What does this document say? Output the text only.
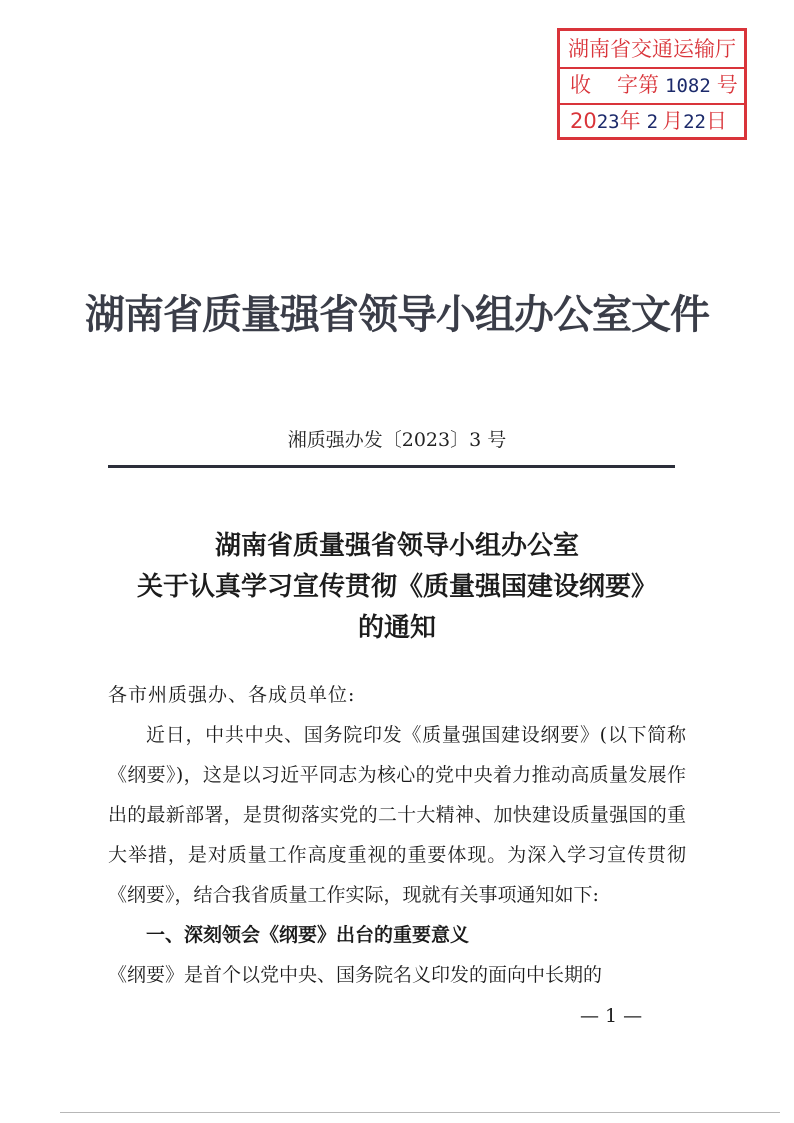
湖南省交通运输厅
收 字第 1082 号
2023年 2 月22日
湖南省质量强省领导小组办公室文件
湘质强办发〔2023〕3 号
湖南省质量强省领导小组办公室
关于认真学习宣传贯彻《质量强国建设纲要》
的通知

各市州质强办、各成员单位:

近日，中共中央、国务院印发《质量强国建设纲要》(以下简称《纲要》)，这是以习近平同志为核心的党中央着力推动高质量发展作出的最新部署，是贯彻落实党的二十大精神、加快建设质量强国的重大举措，是对质量工作高度重视的重要体现。为深入学习宣传贯彻《纲要》，结合我省质量工作实际，现就有关事项通知如下:

一、深刻领会《纲要》出台的重要意义

《纲要》是首个以党中央、国务院名义印发的面向中长期的

— 1 —
